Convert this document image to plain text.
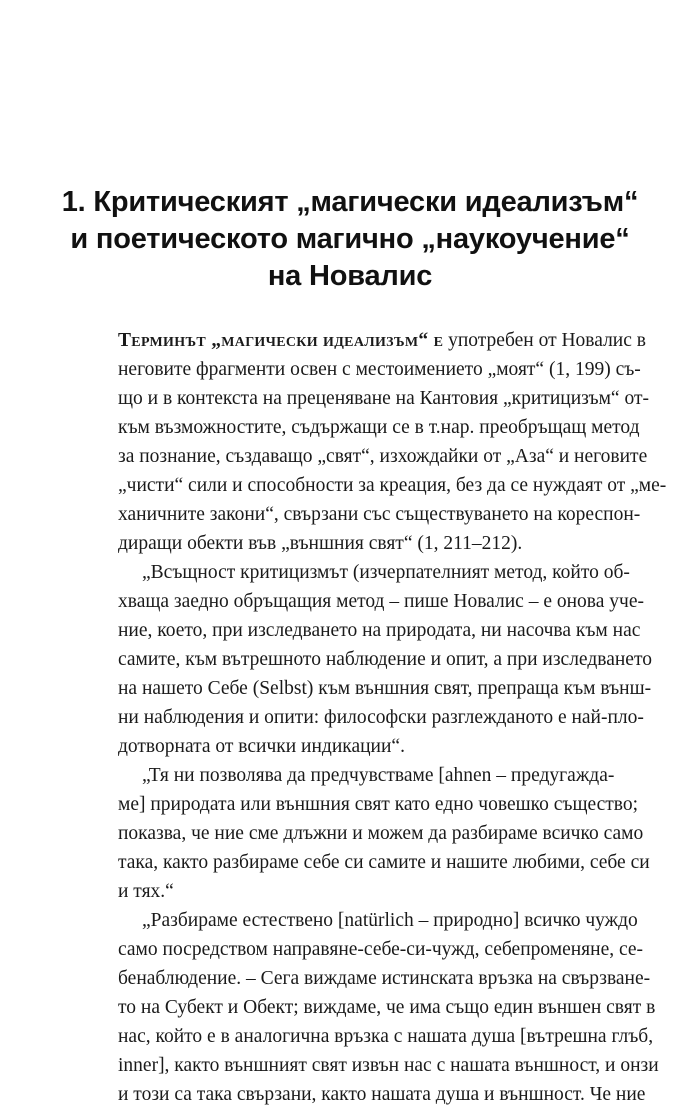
1. Критическият „магически идеализъм“
и поетическото магично „наукоучение“
на Новалис
Терминът „магически идеализъм“ е употребен от Новалис в
неговите фрагменти освен с местоимението „моят“ (1, 199) съ-
що и в контекста на преценяване на Кантовия „критицизъм“ от-
към възможностите, съдържащи се в т.нар. преобръщащ метод
за познание, създаващо „свят“, изхождайки от „Аза“ и неговите
„чисти“ сили и способности за креация, без да се нуждаят от „ме-
ханичните закони“, свързани със съществуването на кореспон-
диращи обекти във „външния свят“ (1, 211–212).
„Всъщност критицизмът (изчерпателният метод, който об-
хваща заедно обръщащия метод – пише Новалис – е онова уче-
ние, което, при изследването на природата, ни насочва към нас
самите, към вътрешното наблюдение и опит, а при изследването
на нашето Себе (Selbst) към външния свят, препраща към външ-
ни наблюдения и опити: философски разглежданото е най-пло-
дотворната от всички индикации“.
„Тя ни позволява да предчувстваме [ahnen – предугаждa-
ме] природата или външния свят като едно човешко същество;
показва, че ние сме длъжни и можем да разбираме всичко само
така, както разбираме себе си самите и нашите любими, себе си
и тях.“
„Разбираме естествено [natürlich – природно] всичко чуждо
само посредством направяне-себе-си-чужд, себепроменяне, се-
бенаблюдение. – Сега виждаме истинската връзка на свързване-
то на Субект и Обект; виждаме, че има също един външен свят в
нас, който е в аналогична връзка с нашата душа [вътрешна глъб,
inner], както външният свят извън нас с нашата външност, и онзи
и този са така свързани, както нашата душа и външност. Че ние
